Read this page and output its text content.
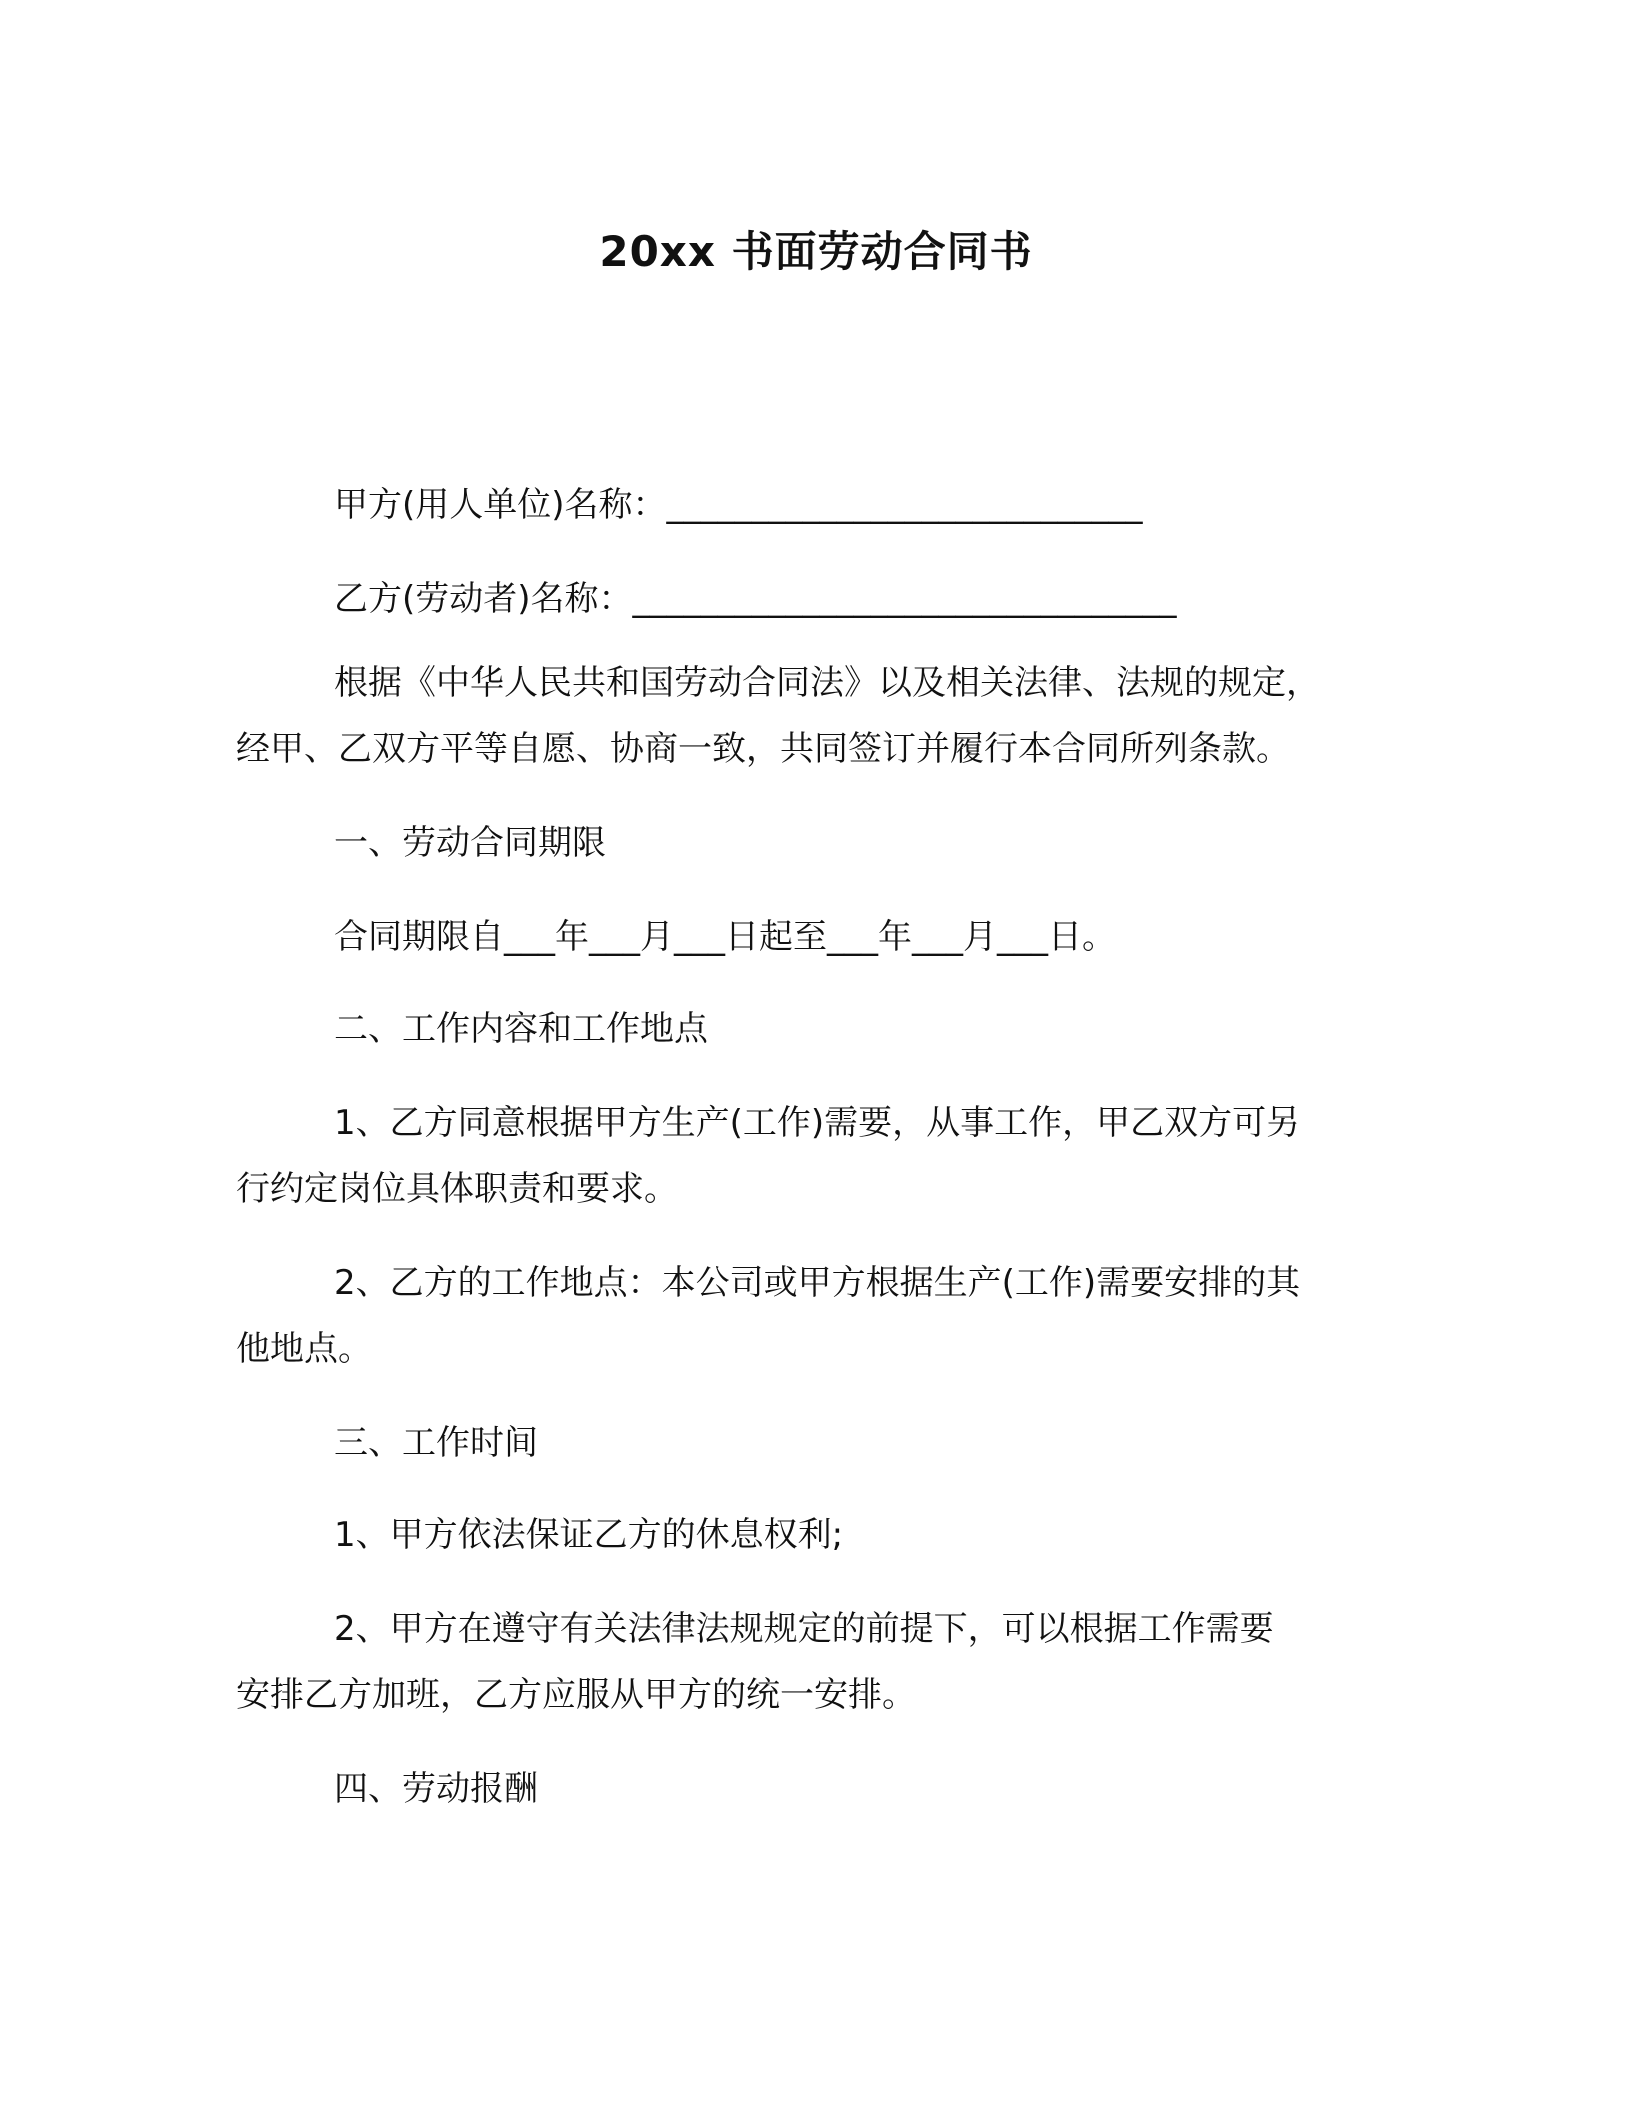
20xx 书面劳动合同书

甲方(用人单位)名称：____________________________

乙方(劳动者)名称：________________________________

根据《中华人民共和国劳动合同法》以及相关法律、法规的规定，

经甲、乙双方平等自愿、协商一致，共同签订并履行本合同所列条款。

一、劳动合同期限

合同期限自___年___月___日起至___年___月___日。

二、工作内容和工作地点

1、乙方同意根据甲方生产(工作)需要，从事工作，甲乙双方可另

行约定岗位具体职责和要求。

2、乙方的工作地点：本公司或甲方根据生产(工作)需要安排的其

他地点。

三、工作时间

1、甲方依法保证乙方的休息权利;

2、甲方在遵守有关法律法规规定的前提下，可以根据工作需要

安排乙方加班，乙方应服从甲方的统一安排。

四、劳动报酬
